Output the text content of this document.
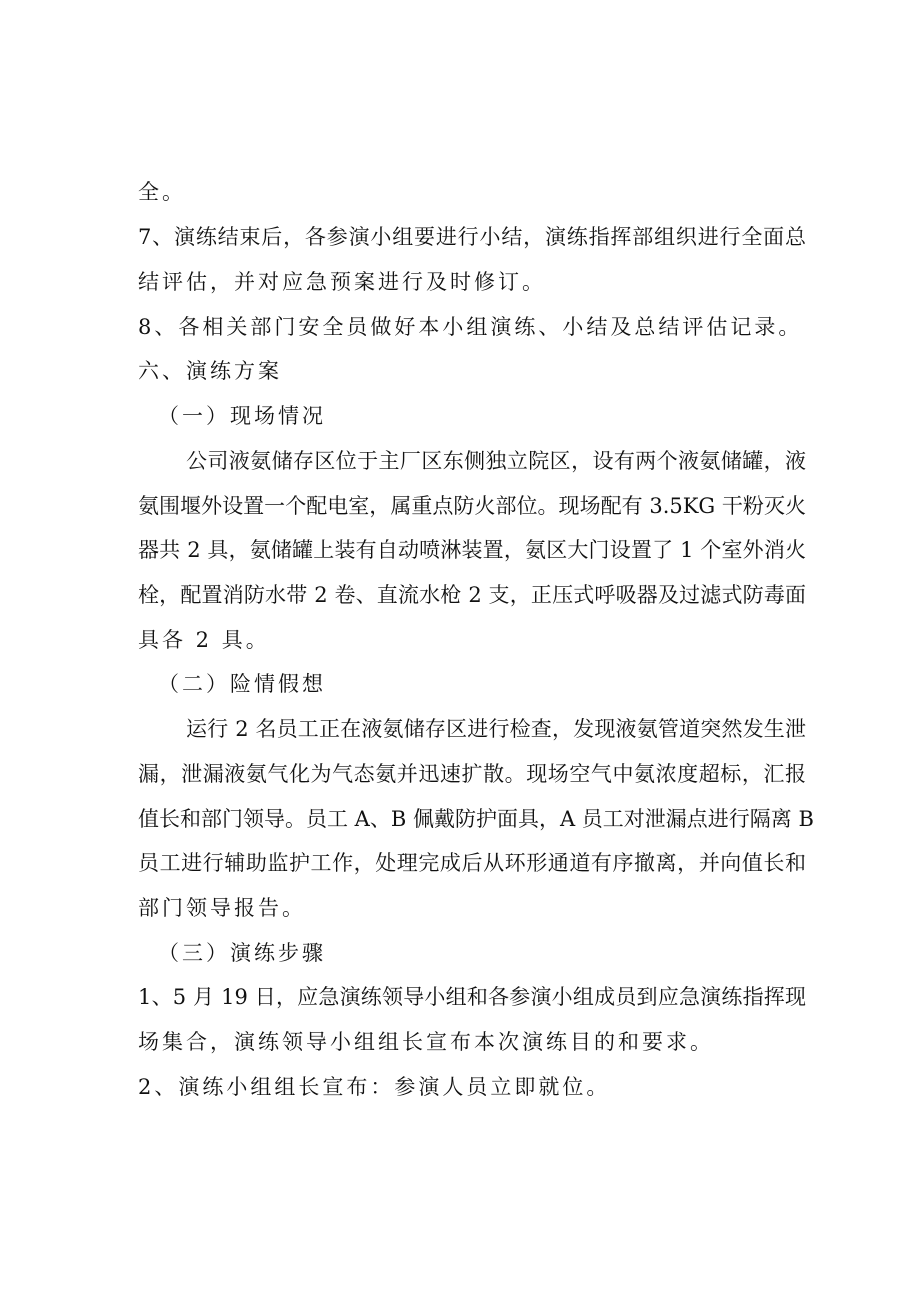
全。
7、演练结束后，各参演小组要进行小结，演练指挥部组织进行全面总
结评估，并对应急预案进行及时修订。
8、各相关部门安全员做好本小组演练、小结及总结评估记录。
六、演练方案
（一）现场情况
公司液氨储存区位于主厂区东侧独立院区，设有两个液氨储罐，液
氨围堰外设置一个配电室，属重点防火部位。现场配有 3.5KG 干粉灭火
器共 2 具，氨储罐上装有自动喷淋装置，氨区大门设置了 1 个室外消火
栓，配置消防水带 2 卷、直流水枪 2 支，正压式呼吸器及过滤式防毒面
具各 2 具。
（二）险情假想
运行 2 名员工正在液氨储存区进行检查，发现液氨管道突然发生泄
漏，泄漏液氨气化为气态氨并迅速扩散。现场空气中氨浓度超标，汇报
值长和部门领导。员工 A、B 佩戴防护面具，A 员工对泄漏点进行隔离 B
员工进行辅助监护工作，处理完成后从环形通道有序撤离，并向值长和
部门领导报告。
（三）演练步骤
1、5 月 19 日，应急演练领导小组和各参演小组成员到应急演练指挥现
场集合，演练领导小组组长宣布本次演练目的和要求。
2、演练小组组长宣布：参演人员立即就位。
